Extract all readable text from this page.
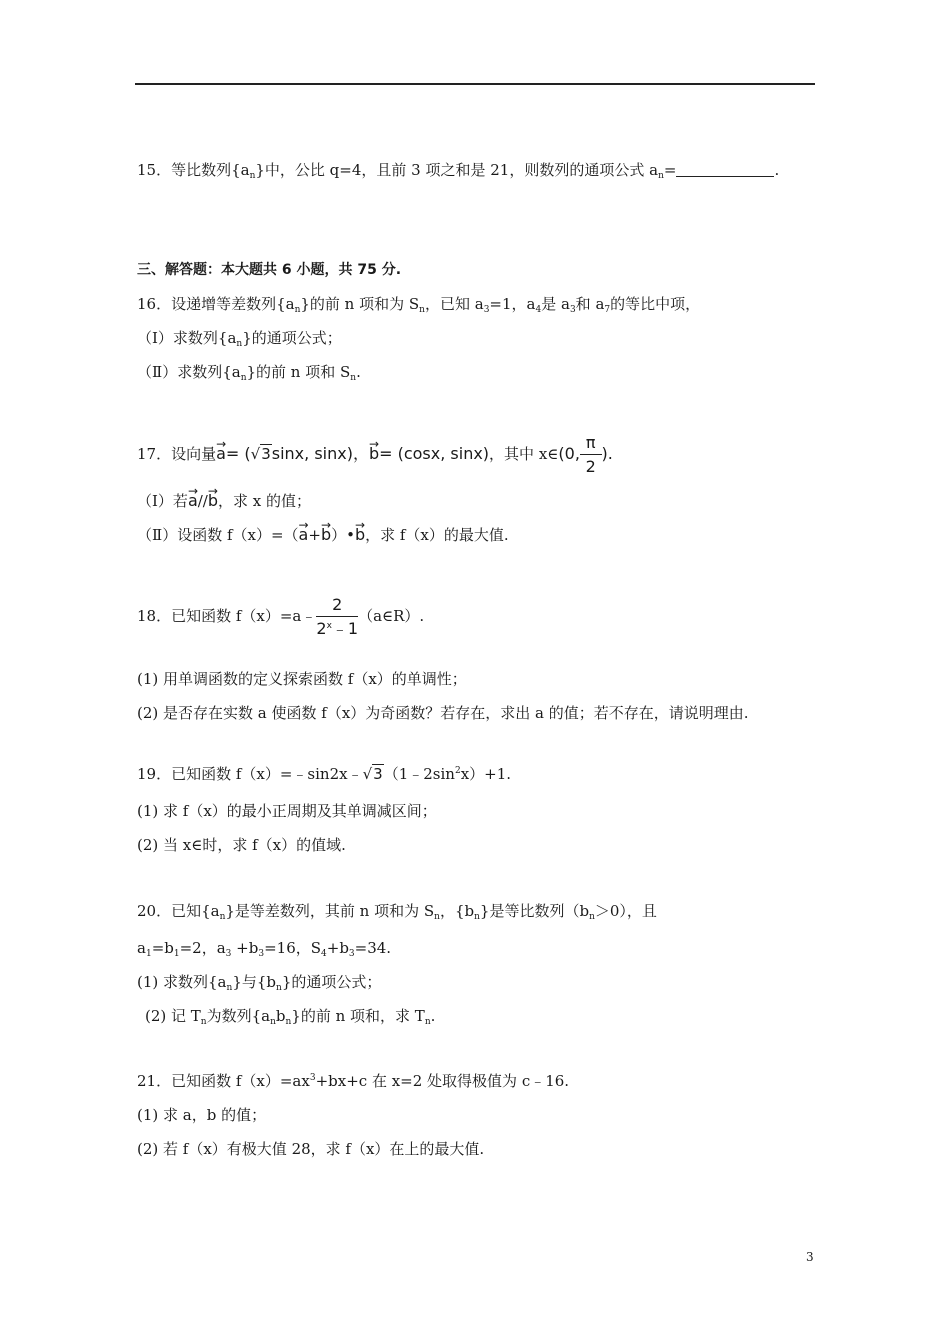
15．等比数列$\{a_n\}$中，公比 q=4，且前 3 项之和是 21，则数列的通项公式 $a_n=$	.
三、解答题：本大题共 6 小题，共 75 分.
16．设递增等差数列$\{a_n\}$的前 n 项和为 $S_n$，已知 $a_3=1$，$a_4$是 $a_3$和 $a_7$的等比中项，
（Ⅰ）求数列$\{a_n\}$的通项公式；
（Ⅱ）求数列$\{a_n\}$的前 n 项和 $S_n$.
17．设向量→ a= (√3sinx, sinx)，→ b= (cosx, sinx)，其中 x∈(0, $\frac{\pi}{2}$ ).
（Ⅰ）若→ a//→ b，求 x 的值；
（Ⅱ）设函数 f（x）=（→ a+→ b）•→ b，求 f（x）的最大值.
18．已知函数 f（x）=a﹣ $\frac{2}{2^x﹣1}$ （a∈R）.
(1) 用单调函数的定义探索函数 f（x）的单调性；
(2) 是否存在实数 a 使函数 f（x）为奇函数？若存在，求出 a 的值；若不存在，请说明理由.
19．已知函数 $f(x)=﹣\sin 2x﹣√3(1﹣2\sin^2x)+1$.
(1) 求 f（x）的最小正周期及其单调减区间；
(2) 当 x∈时，求 f（x）的值域.
20．已知$\{a_n\}$是等差数列，其前 n 项和为 $S_n$，$\{b_n\}$是等比数列$(b_n>0)$，且
$a_1=b_1=2$，$a_3 +b_3=16$，$S_4+b_3=34$.
(1) 求数列$\{a_n\}$与$\{b_n\}$的通项公式；
(2) 记 $T_n$为数列$\{a_nb_n\}$的前 n 项和，求 $T_n$.
21．已知函数 $f(x)=ax^3+bx+c$ 在 x=2 处取得极值为 c﹣16.
(1) 求 a，b 的值；
(2) 若 f（x）有极大值 28，求 f（x）在上的最大值.
3
